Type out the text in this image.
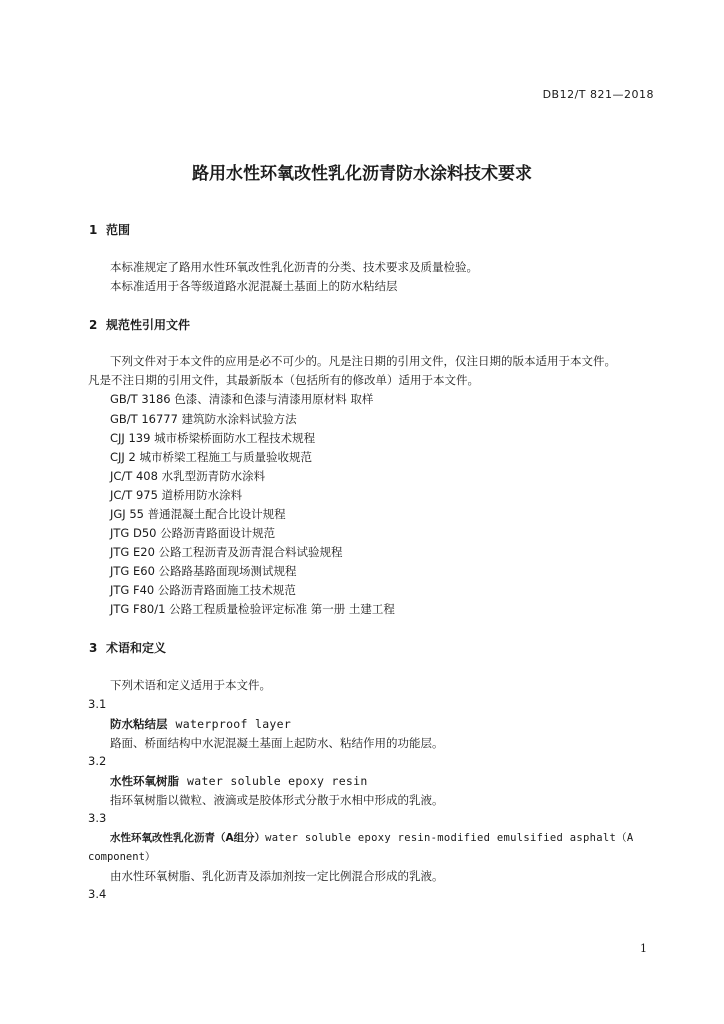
DB12/T 821—2018
路用水性环氧改性乳化沥青防水涂料技术要求
1 范围
本标准规定了路用水性环氧改性乳化沥青的分类、技术要求及质量检验。
本标准适用于各等级道路水泥混凝土基面上的防水粘结层
2 规范性引用文件
下列文件对于本文件的应用是必不可少的。凡是注日期的引用文件，仅注日期的版本适用于本文件。
凡是不注日期的引用文件，其最新版本（包括所有的修改单）适用于本文件。
GB/T 3186 色漆、清漆和色漆与清漆用原材料 取样
GB/T 16777 建筑防水涂料试验方法
CJJ 139 城市桥梁桥面防水工程技术规程
CJJ 2 城市桥梁工程施工与质量验收规范
JC/T 408 水乳型沥青防水涂料
JC/T 975 道桥用防水涂料
JGJ 55 普通混凝土配合比设计规程
JTG D50 公路沥青路面设计规范
JTG E20 公路工程沥青及沥青混合料试验规程
JTG E60 公路路基路面现场测试规程
JTG F40 公路沥青路面施工技术规范
JTG F80/1 公路工程质量检验评定标准 第一册 土建工程
3 术语和定义
下列术语和定义适用于本文件。
3.1
防水粘结层 waterproof layer
路面、桥面结构中水泥混凝土基面上起防水、粘结作用的功能层。
3.2
水性环氧树脂 water soluble epoxy resin
指环氧树脂以微粒、液滴或是胶体形式分散于水相中形成的乳液。
3.3
水性环氧改性乳化沥青（A组分）water soluble epoxy resin-modified emulsified asphalt（A
component）
由水性环氧树脂、乳化沥青及添加剂按一定比例混合形成的乳液。
3.4
1
